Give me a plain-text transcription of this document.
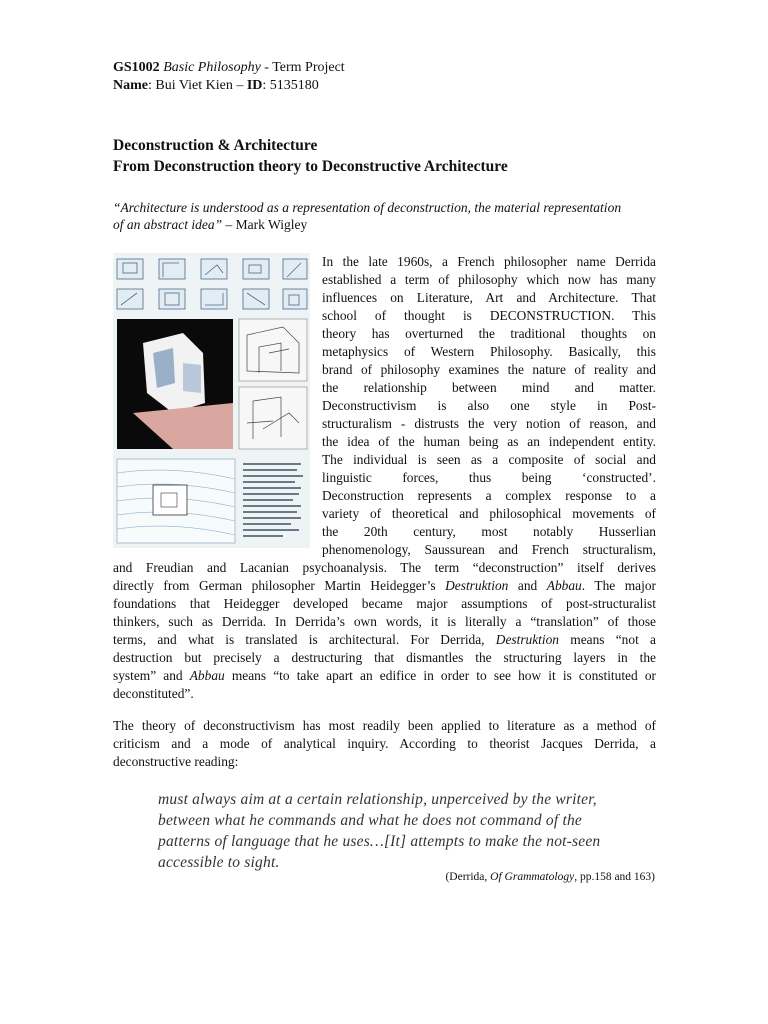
GS1002 Basic Philosophy - Term Project
Name: Bui Viet Kien – ID: 5135180
Deconstruction & Architecture
From Deconstruction theory to Deconstructive Architecture
“Architecture is understood as a representation of deconstruction, the material representation of an abstract idea” – Mark Wigley
In the late 1960s, a French philosopher name Derrida
established a term of philosophy which now has many
influences on Literature, Art and Architecture. That
school of thought is DECONSTRUCTION. This
theory has overturned the traditional thoughts on
metaphysics of Western Philosophy. Basically, this
brand of philosophy examines the nature of reality and
the relationship between mind and matter.
Deconstructivism is also one style in Post-
structuralism - distrusts the very notion of reason, and
the idea of the human being as an independent entity.
The individual is seen as a composite of social and
linguistic forces, thus being ‘constructed’.
Deconstruction represents a complex response to a
variety of theoretical and philosophical movements of
the 20th century, most notably Husserlian
phenomenology, Saussurean and French structuralism,
and Freudian and Lacanian psychoanalysis. The term “deconstruction” itself derives
directly from German philosopher Martin Heidegger’s Destruktion and Abbau. The major
foundations that Heidegger developed became major assumptions of post-structuralist
thinkers, such as Derrida. In Derrida’s own words, it is literally a “translation” of those
terms, and what is translated is architectural. For Derrida, Destruktion means “not a
destruction but precisely a destructuring that dismantles the structuring layers in the
system” and Abbau means “to take apart an edifice in order to see how it is constituted or
deconstituted”.
The theory of deconstructivism has most readily been applied to literature as a method of
criticism and a mode of analytical inquiry. According to theorist Jacques Derrida, a
deconstructive reading:
must always aim at a certain relationship, unperceived by the writer,
between what he commands and what he does not command of the
patterns of language that he uses…[It] attempts to make the not-seen
accessible to sight.
(Derrida, Of Grammatology, pp.158 and 163)
